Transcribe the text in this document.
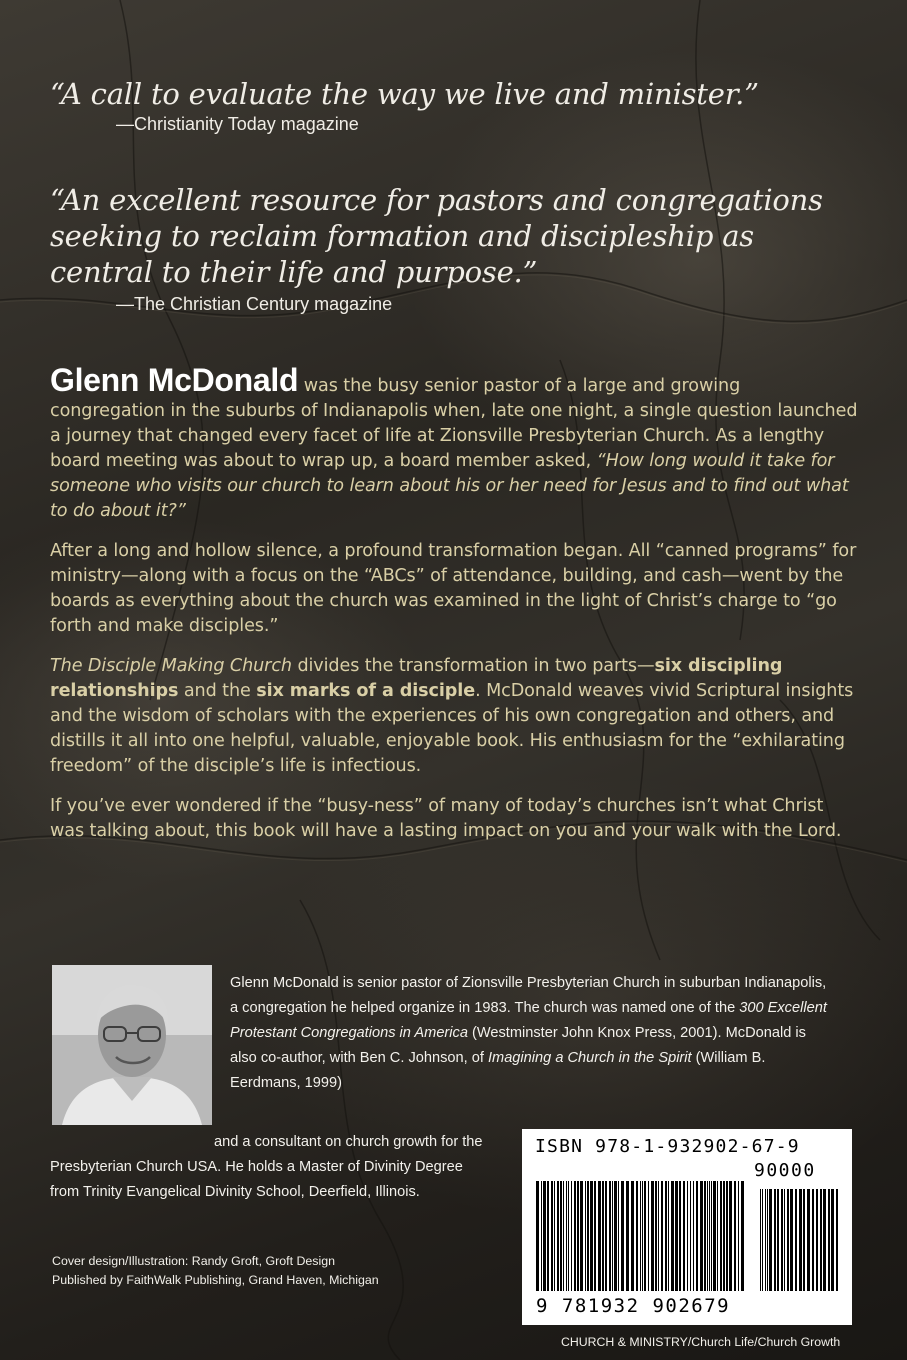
“A call to evaluate the way we live and minister.”

—Christianity Today magazine

“An excellent resource for pastors and congregations seeking to reclaim formation and discipleship as central to their life and purpose.”

—The Christian Century magazine

Glenn McDonald was the busy senior pastor of a large and growing congregation in the suburbs of Indianapolis when, late one night, a single question launched a journey that changed every facet of life at Zionsville Presbyterian Church. As a lengthy board meeting was about to wrap up, a board member asked, “How long would it take for someone who visits our church to learn about his or her need for Jesus and to find out what to do about it?”

After a long and hollow silence, a profound transformation began. All “canned programs” for ministry—along with a focus on the “ABCs” of attendance, building, and cash—went by the boards as everything about the church was examined in the light of Christ’s charge to “go forth and make disciples.”

The Disciple Making Church divides the transformation in two parts—six discipling relationships and the six marks of a disciple. McDonald weaves vivid Scriptural insights and the wisdom of scholars with the experiences of his own congregation and others, and distills it all into one helpful, valuable, enjoyable book. His enthusiasm for the “exhilarating freedom” of the disciple’s life is infectious.

If you’ve ever wondered if the “busy-ness” of many of today’s churches isn’t what Christ was talking about, this book will have a lasting impact on you and your walk with the Lord.

Glenn McDonald is senior pastor of Zionsville Presbyterian Church in suburban Indianapolis, a congregation he helped organize in 1983. The church was named one of the 300 Excellent Protestant Congregations in America (Westminster John Knox Press, 2001). McDonald is also co-author, with Ben C. Johnson, of Imagining a Church in the Spirit (William B. Eerdmans, 1999)
and a consultant on church growth for the
Presbyterian Church USA. He holds a Master of Divinity Degree from Trinity Evangelical Divinity School, Deerfield, Illinois.
Cover design/Illustration: Randy Groft, Groft Design
Published by FaithWalk Publishing, Grand Haven, Michigan
ISBN 978-1-932902-67-9
90000
9 781932 902679
CHURCH & MINISTRY/Church Life/Church Growth
